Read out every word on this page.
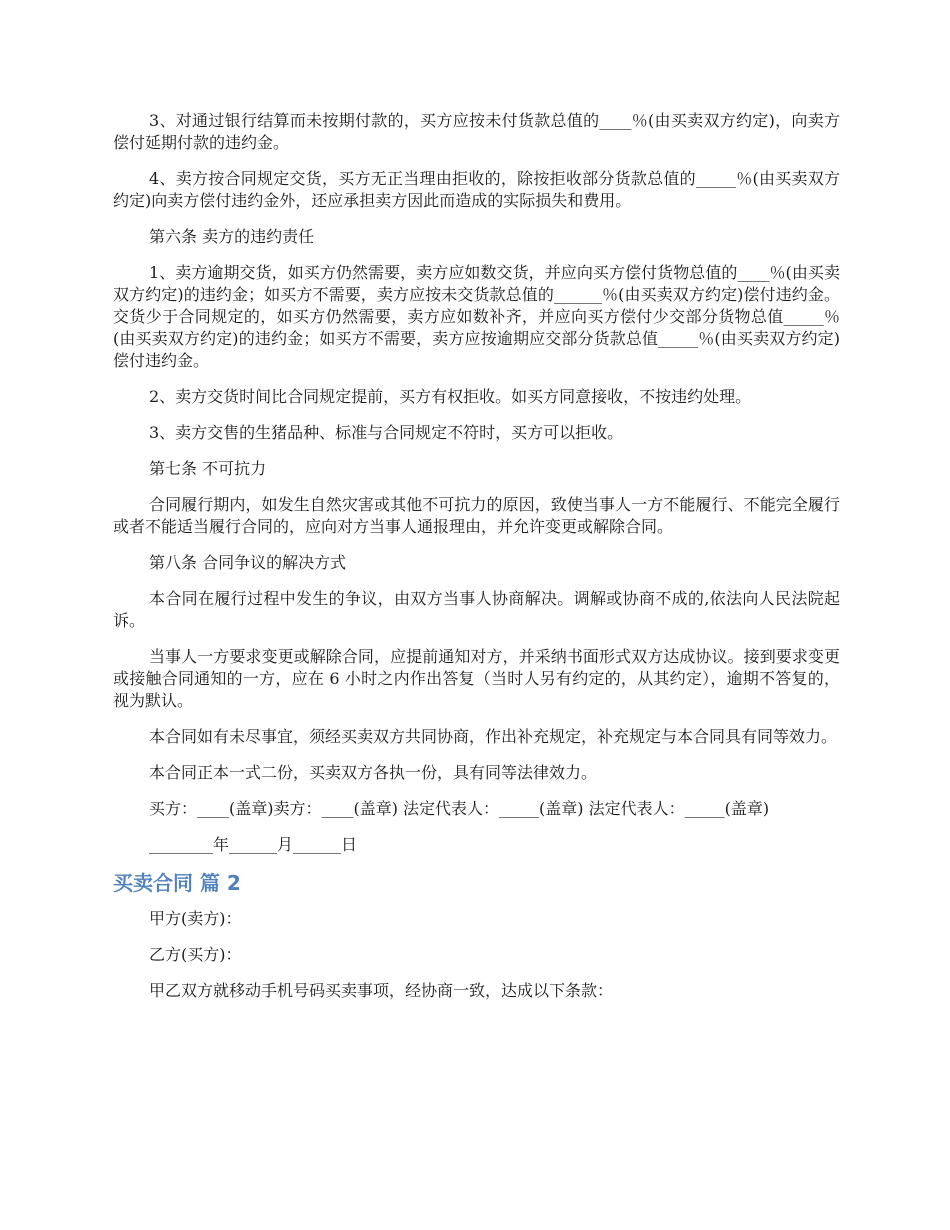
3、对通过银行结算而未按期付款的，买方应按未付货款总值的____％(由买卖双方约定)，向卖方偿付延期付款的违约金。

4、卖方按合同规定交货，买方无正当理由拒收的，除按拒收部分货款总值的_____％(由买卖双方约定)向卖方偿付违约金外，还应承担卖方因此而造成的实际损失和费用。

第六条 卖方的违约责任

1、卖方逾期交货，如买方仍然需要，卖方应如数交货，并应向买方偿付货物总值的____％(由买卖双方约定)的违约金；如买方不需要，卖方应按未交货款总值的______％(由买卖双方约定)偿付违约金。交货少于合同规定的，如买方仍然需要，卖方应如数补齐，并应向买方偿付少交部分货物总值_____％(由买卖双方约定)的违约金；如买方不需要，卖方应按逾期应交部分货款总值_____％(由买卖双方约定)偿付违约金。

2、卖方交货时间比合同规定提前，买方有权拒收。如买方同意接收，不按违约处理。

3、卖方交售的生猪品种、标准与合同规定不符时，买方可以拒收。

第七条 不可抗力

合同履行期内，如发生自然灾害或其他不可抗力的原因，致使当事人一方不能履行、不能完全履行或者不能适当履行合同的，应向对方当事人通报理由，并允许变更或解除合同。

第八条 合同争议的解决方式

本合同在履行过程中发生的争议，由双方当事人协商解决。调解或协商不成的,依法向人民法院起诉。

当事人一方要求变更或解除合同，应提前通知对方，并采纳书面形式双方达成协议。接到要求变更或接触合同通知的一方，应在 6 小时之内作出答复（当时人另有约定的，从其约定），逾期不答复的，视为默认。

本合同如有未尽事宜，须经买卖双方共同协商，作出补充规定，补充规定与本合同具有同等效力。

本合同正本一式二份，买卖双方各执一份，具有同等法律效力。

买方：____(盖章)卖方：____(盖章) 法定代表人：_____(盖章) 法定代表人：_____(盖章)

________年______月______日

买卖合同 篇 2

甲方(卖方)：

乙方(买方)：

甲乙双方就移动手机号码买卖事项，经协商一致，达成以下条款：
